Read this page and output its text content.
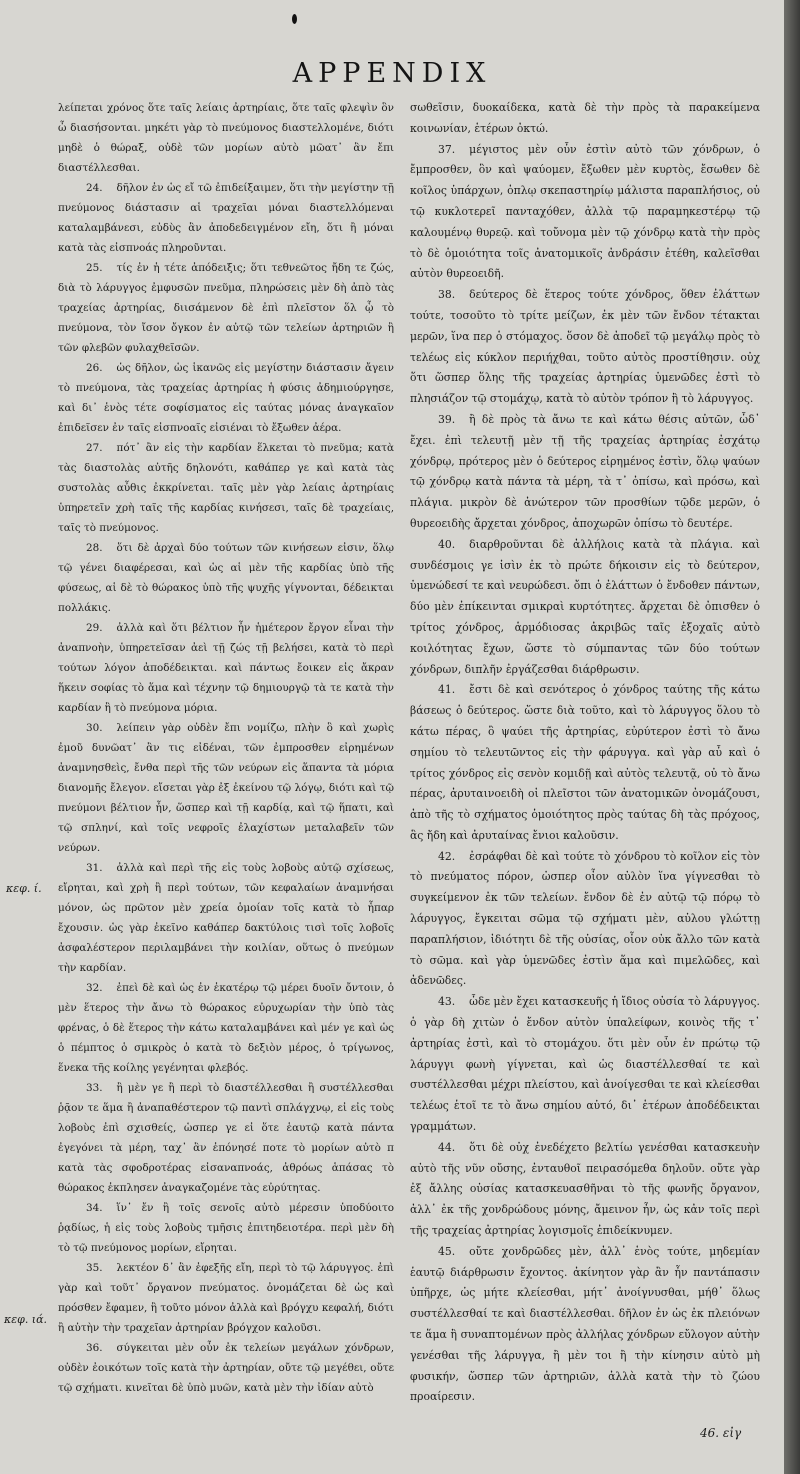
APPENDIX

λείπεται χρόνος ὅτε ταῖς λείαις ἀρτηρίαις, ὅτε ταῖς φλεψὶν ὃν ὦ διασήσονται. μηκέτι γὰρ τὸ πνεύμονος διαστελλομένε, διότι μηδὲ ὁ θώραξ, οὐδὲ τῶν μορίων αὐτὸ μῶατ᾽ ἂν ἔπι διαστέλλεσθαι.

24. δῆλον ἐν ὡς εἴ τῶ ἐπιδείξαιμεν, ὅτι τὴν μεγίστην τῇ πνεύμονος διάστασιν αἱ τραχεῖαι μόναι διαστελλόμεναι καταλαμβάνεσι, εὐδὺς ἂν ἀποδεδειγμένον εἴη, ὅτι ἢ μόναι κατὰ τὰς εἰσπνοάς πληροῦνται.

25. τίς ἐν ἡ τέτε ἀπόδειξις; ὅτι τεθνεῶτος ἤδη τε ζώς, διὰ τὸ λάρυγγος ἐμφυσῶν πνεῦμα, πληρώσεις μὲν δὴ ἀπὸ τὰς τραχείας ἀρτηρίας, διισάμενον δὲ ἐπὶ πλεῖστον ὅλ ᾧ τὸ πνεύμονα, τὸν ἴσον ὄγκον ἐν αὐτῷ τῶν τελείων ἀρτηριῶν ἢ τῶν φλεβῶν φυλαχθεῖσῶν.

26. ὡς δῆλον, ὡς ἱκανῶς εἰς μεγίστην διάστασιν ἄγειν τὸ πνεύμονα, τὰς τραχείας ἀρτηρίας ἡ φύσις ἀδημιούργησε, καὶ δι᾽ ἑνὸς τέτε σοφίσματος εἰς ταύτας μόνας ἀναγκαῖον ἐπιδεῖσεν ἐν ταῖς εἰσπνοαῖς εἰσιέναι τὸ ἔξωθεν ἀέρα.

27. πότ᾽ ἂν εἰς τὴν καρδίαν ἕλκεται τὸ πνεῦμα; κατὰ τὰς διαστολὰς αὐτῆς δηλονότι, καθάπερ γε καὶ κατὰ τὰς συστολὰς αὖθις ἐκκρίνεται. ταῖς μὲν γὰρ λείαις ἀρτηρίαις ὑπηρετεῖν χρὴ ταῖς τῆς καρδίας κινήσεσι, ταῖς δὲ τραχείαις, ταῖς τὸ πνεύμονος.

28. ὅτι δὲ ἀρχαὶ δύο τούτων τῶν κινήσεων εἰσιν, ὅλῳ τῷ γένει διαφέρεσαι, καὶ ὡς αἱ μὲν τῆς καρδίας ὑπὸ τῆς φύσεως, αἱ δὲ τὸ θώρακος ὑπὸ τῆς ψυχῆς γίγνονται, δέδεικται πολλάκις.

29. ἀλλὰ καὶ ὅτι βέλτιον ἦν ἡμέτερον ἔργον εἶναι τὴν ἀναπνοὴν, ὑπηρετεῖσαν ἀεὶ τῇ ζώς τῇ βελήσει, κατὰ τὸ περὶ τούτων λόγον ἀποδέδεικται. καὶ πάντως ἔοικεν εἰς ἄκραν ἥκειν σοφίας τὸ ἅμα καὶ τέχνην τῷ δημιουργῷ τὰ τε κατὰ τὴν καρδίαν ἢ τὸ πνεύμονα μόρια.

30. λείπειν γὰρ οὐδὲν ἔπι νομίζω, πλὴν ὃ καὶ χωρὶς ἐμοῦ δυνῶατ᾽ ἂν τις εἰδέναι, τῶν ἐμπροσθεν εἰρημένων ἀναμνησθεὶς, ἔνθα περὶ τῆς τῶν νεύρων εἰς ἅπαντα τὰ μόρια διανομῆς ἔλεγον. εἴσεται γὰρ ἐξ ἐκείνου τῷ λόγῳ, διότι καὶ τῷ πνεύμονι βέλτιον ἦν, ὥσπερ καὶ τῇ καρδίᾳ, καὶ τῷ ἥπατι, καὶ τῷ σπληνί, καὶ τοῖς νεφροῖς ἐλαχίστων μεταλαβεῖν τῶν νεύρων.

31. ἀλλὰ καὶ περὶ τῆς εἰς τοὺς λοβοὺς αὐτῷ σχίσεως, εἴρηται, καὶ χρὴ ἢ περὶ τούτων, τῶν κεφαλαίων ἀναμνήσαι μόνον, ὡς πρῶτον μὲν χρεία ὁμοίαν τοῖς κατὰ τὸ ἧπαρ ἔχουσιν. ὡς γὰρ ἐκεῖνο καθάπερ δακτύλοις τισὶ τοῖς λοβοῖς ἀσφαλέστερον περιλαμβάνει τὴν κοιλίαν, οὕτως ὁ πνεύμων τὴν καρδίαν.

32. ἐπεὶ δὲ καὶ ὡς ἐν ἑκατέρῳ τῷ μέρει δυοῖν ὄντοιν, ὁ μὲν ἕτερος τὴν ἄνω τὸ θώρακος εὐρυχωρίαν τὴν ὑπὸ τὰς φρένας, ὁ δὲ ἕτερος τὴν κάτω καταλαμβάνει καὶ μέν γε καὶ ὡς ὁ πέμπτος ὁ σμικρὸς ὁ κατὰ τὸ δεξιὸν μέρος, ὁ τρίγωνος, ἕνεκα τῆς κοίλης γεγένηται φλεβός.

33. ἢ μὲν γε ἢ περὶ τὸ διαστέλλεσθαι ἢ συστέλλεσθαι ῥᾷον τε ἅμα ἢ ἀναπαθέστερον τῷ παντὶ σπλάγχνῳ, εἰ εἰς τοὺς λοβοὺς ἐπὶ σχισθείς, ὡσπερ γε εἰ ὅτε ἑαυτῷ κατὰ πάντα ἐγεγόνει τὰ μέρη, ταχ᾽ ἂν ἐπόνησέ ποτε τὸ μορίων αὐτὸ π κατὰ τὰς σφοδροτέρας εἰσαναπνοάς, ἀθρόως ἁπάσας τὸ θώρακος ἐκπλησεν ἀναγκαζομένε τὰς εὐρύτητας.

34. ἵν᾽ ἔν ἢ τοῖς σενοῖς αὐτὸ μέρεσιν ὑποδύοιτο ῥᾳδίως, ἡ εἰς τοὺς λοβοὺς τμῆσις ἐπιτηδειοτέρα. περὶ μὲν δὴ τὸ τῷ πνεύμονος μορίων, εἴρηται.

35. λεκτέον δ᾽ ἂν ἐφεξῆς εἴη, περὶ τὸ τῷ λάρυγγος. ἐπὶ γὰρ καὶ τοῦτ᾽ ὄργανον πνεύματος. ὀνομάζεται δὲ ὡς καὶ πρόσθεν ἔφαμεν, ἢ τοῦτο μόνον ἀλλὰ καὶ βρόγχυ κεφαλή, διότι ἢ αὐτὴν τὴν τραχεῖαν ἀρτηρίαν βρόγχον καλοῦσι.

36. σύγκειται μὲν οὖν ἐκ τελείων μεγάλων χόνδρων, οὐδὲν ἐοικότων τοῖς κατὰ τὴν ἀρτηρίαν, οὔτε τῷ μεγέθει, οὔτε τῷ σχήματι. κινεῖται δὲ ὑπὸ μυῶν, κατὰ μὲν τὴν ἰδίαν αὐτὸ

σωθεῖσιν, δυοκαίδεκα, κατὰ δὲ τὴν πρὸς τὰ παρακείμενα κοινωνίαν, ἑτέρων ὀκτώ.

37. μέγιστος μὲν οὖν ἐστὶν αὐτὸ τῶν χόνδρων, ὁ ἔμπροσθεν, ὃν καὶ ψαύομεν, ἔξωθεν μὲν κυρτὸς, ἔσωθεν δὲ κοῖλος ὑπάρχων, ὁπλῳ σκεπαστηρίῳ μάλιστα παραπλήσιος, οὐ τῷ κυκλοτερεῖ πανταχόθεν, ἀλλὰ τῷ παραμηκεστέρῳ τῷ καλουμένῳ θυρεῷ. καὶ τοὔνομα μὲν τῷ χόνδρῳ κατὰ τὴν πρὸς τὸ δὲ ὁμοιότητα τοῖς ἀνατομικοῖς ἀνδράσιν ἐτέθη, καλεῖσθαι αὐτὸν θυρεοειδῆ.

38. δεύτερος δὲ ἕτερος τούτε χόνδρος, ὅθεν ἐλάττων τούτε, τοσοῦτο τὸ τρίτε μείζων, ἐκ μὲν τῶν ἔνδον τέτακται μερῶν, ἵνα περ ὁ στόμαχος. ὅσον δὲ ἀποδεῖ τῷ μεγάλῳ πρὸς τὸ τελέως εἰς κύκλον περιήχθαι, τοῦτο αὐτὸς προστίθησιν. οὐχ ὅτι ὥσπερ ὅλης τῆς τραχείας ἀρτηρίας ὑμενῶδες ἐστὶ τὸ πλησιάζον τῷ στομάχῳ, κατὰ τὸ αὐτὸν τρόπον ἢ τὸ λάρυγγος.

39. ἢ δὲ πρὸς τὰ ἄνω τε καὶ κάτω θέσις αὐτῶν, ὧδ᾽ ἔχει. ἐπὶ τελευτῇ μὲν τῇ τῆς τραχείας ἀρτηρίας ἐσχάτῳ χόνδρῳ, πρότερος μὲν ὁ δεύτερος εἰρημένος ἐστὶν, ὅλῳ ψαύων τῷ χόνδρῳ κατὰ πάντα τὰ μέρη, τὰ τ᾽ ὀπίσω, καὶ πρόσω, καὶ πλάγια. μικρὸν δὲ ἀνώτερον τῶν προσθίων τῷδε μερῶν, ὁ θυρεοειδὴς ἄρχεται χόνδρος, ἀποχωρῶν ὀπίσω τὸ δευτέρε.

40. διαρθροῦνται δὲ ἀλλήλοις κατὰ τὰ πλάγια. καὶ συνδέσμοις γε ἰσὶν ἐκ τὸ πρώτε δήκοισιν εἰς τὸ δεύτερον, ὑμενώδεσί τε καὶ νευρώδεσι. ὄπι ὁ ἐλάττων ὁ ἔνδοθεν πάντων, δύο μὲν ἐπίκεινται σμικραὶ κυρτότητες. ἄρχεται δὲ ὀπισθεν ὁ τρίτος χόνδρος, ἁρμόδιοσας ἀκριβῶς ταῖς ἐξοχαῖς αὐτὸ κοιλότητας ἔχων, ὥστε τὸ σύμπαντας τῶν δύο τούτων χόνδρων, διπλῆν ἐργάζεσθαι διάρθρωσιν.

41. ἔστι δὲ καὶ σενότερος ὁ χόνδρος ταύτης τῆς κάτω βάσεως ὁ δεύτερος. ὥστε διὰ τοῦτο, καὶ τὸ λάρυγγος ὅλου τὸ κάτω πέρας, ὃ ψαύει τῆς ἀρτηρίας, εὐρύτερον ἐστὶ τὸ ἄνω σημίου τὸ τελευτῶντος εἰς τὴν φάρυγγα. καὶ γὰρ αὖ καὶ ὁ τρίτος χόνδρος εἰς σενὸν κομιδῇ καὶ αὐτὸς τελευτᾷ, οὐ τὸ ἄνω πέρας, ἀρυταινοειδὴ οἱ πλεῖστοι τῶν ἀνατομικῶν ὀνομάζουσι, ἀπὸ τῆς τὸ σχήματος ὁμοιότητος πρὸς ταύτας δὴ τὰς πρόχοος, ἃς ἤδη καὶ ἀρυταίνας ἔνιοι καλοῦσιν.

42. ἐσράφθαι δὲ καὶ τούτε τὸ χόνδρου τὸ κοῖλον εἰς τὸν τὸ πνεύματος πόρον, ὡσπερ οἷον αὐλὸν ἵνα γίγνεσθαι τὸ συγκείμενον ἐκ τῶν τελείων. ἔνδον δὲ ἐν αὐτῷ τῷ πόρῳ τὸ λάρυγγος, ἔγκειται σῶμα τῷ σχήματι μὲν, αὐλου γλώττῃ παραπλήσιον, ἰδιότητι δὲ τῆς οὐσίας, οἷον οὐκ ἄλλο τῶν κατὰ τὸ σῶμα. καὶ γὰρ ὑμενῶδες ἐστὶν ἅμα καὶ πιμελῶδες, καὶ ἀδενῶδες.

43. ὧδε μὲν ἔχει κατασκευῆς ἡ ἴδιος οὐσία τὸ λάρυγγος. ὁ γὰρ δὴ χιτὼν ὁ ἔνδον αὐτὸν ὑπαλείφων, κοινὸς τῆς τ᾽ ἀρτηρίας ἐστὶ, καὶ τὸ στομάχου. ὅτι μὲν οὖν ἐν πρώτῳ τῷ λάρυγγι φωνὴ γίγνεται, καὶ ὡς διαστέλλεσθαί τε καὶ συστέλλεσθαι μέχρι πλείστου, καὶ ἀνοίγεσθαι τε καὶ κλείεσθαι τελέως ἑτοῖ τε τὸ ἄνω σημίου αὐτό, δι᾽ ἑτέρων ἀποδέδεικται γραμμάτων.

44. ὅτι δὲ οὐχ ἐνεδέχετο βελτίω γενέσθαι κατασκευὴν αὐτὸ τῆς νῦν οὔσης, ἐνταυθοῖ πειρασόμεθα δηλοῦν. οὔτε γὰρ ἐξ ἄλλης οὐσίας κατασκευασθῆναι τὸ τῆς φωνῆς ὄργανον, ἀλλ᾽ ἐκ τῆς χονδρώδους μόνης, ἄμεινον ἦν, ὡς κἀν τοῖς περὶ τῆς τραχείας ἀρτηρίας λογισμοῖς ἐπιδείκνυμεν.

45. οὔτε χονδρῶδες μὲν, ἀλλ᾽ ἑνὸς τούτε, μηδεμίαν ἑαυτῷ διάρθρωσιν ἔχοντος. ἀκίνητον γὰρ ἂν ἦν παντάπασιν ὑπῆρχε, ὡς μήτε κλείεσθαι, μήτ᾽ ἀνοίγνυσθαι, μήθ᾽ ὅλως συστέλλεσθαί τε καὶ διαστέλλεσθαι. δῆλον ἐν ὡς ἐκ πλειόνων τε ἅμα ἢ συναπτομένων πρὸς ἀλλήλας χόνδρων εὔλογον αὐτὴν γενέσθαι τῆς λάρυγγα, ἢ μὲν τοι ἢ τὴν κίνησιν αὐτὸ μὴ φυσικήν, ὥσπερ τῶν ἀρτηριῶν, ἀλλὰ κατὰ τὴν τὸ ζώου προαίρεσιν.

κεφ. ί.
κεφ. ιά.
46. εἰγ
